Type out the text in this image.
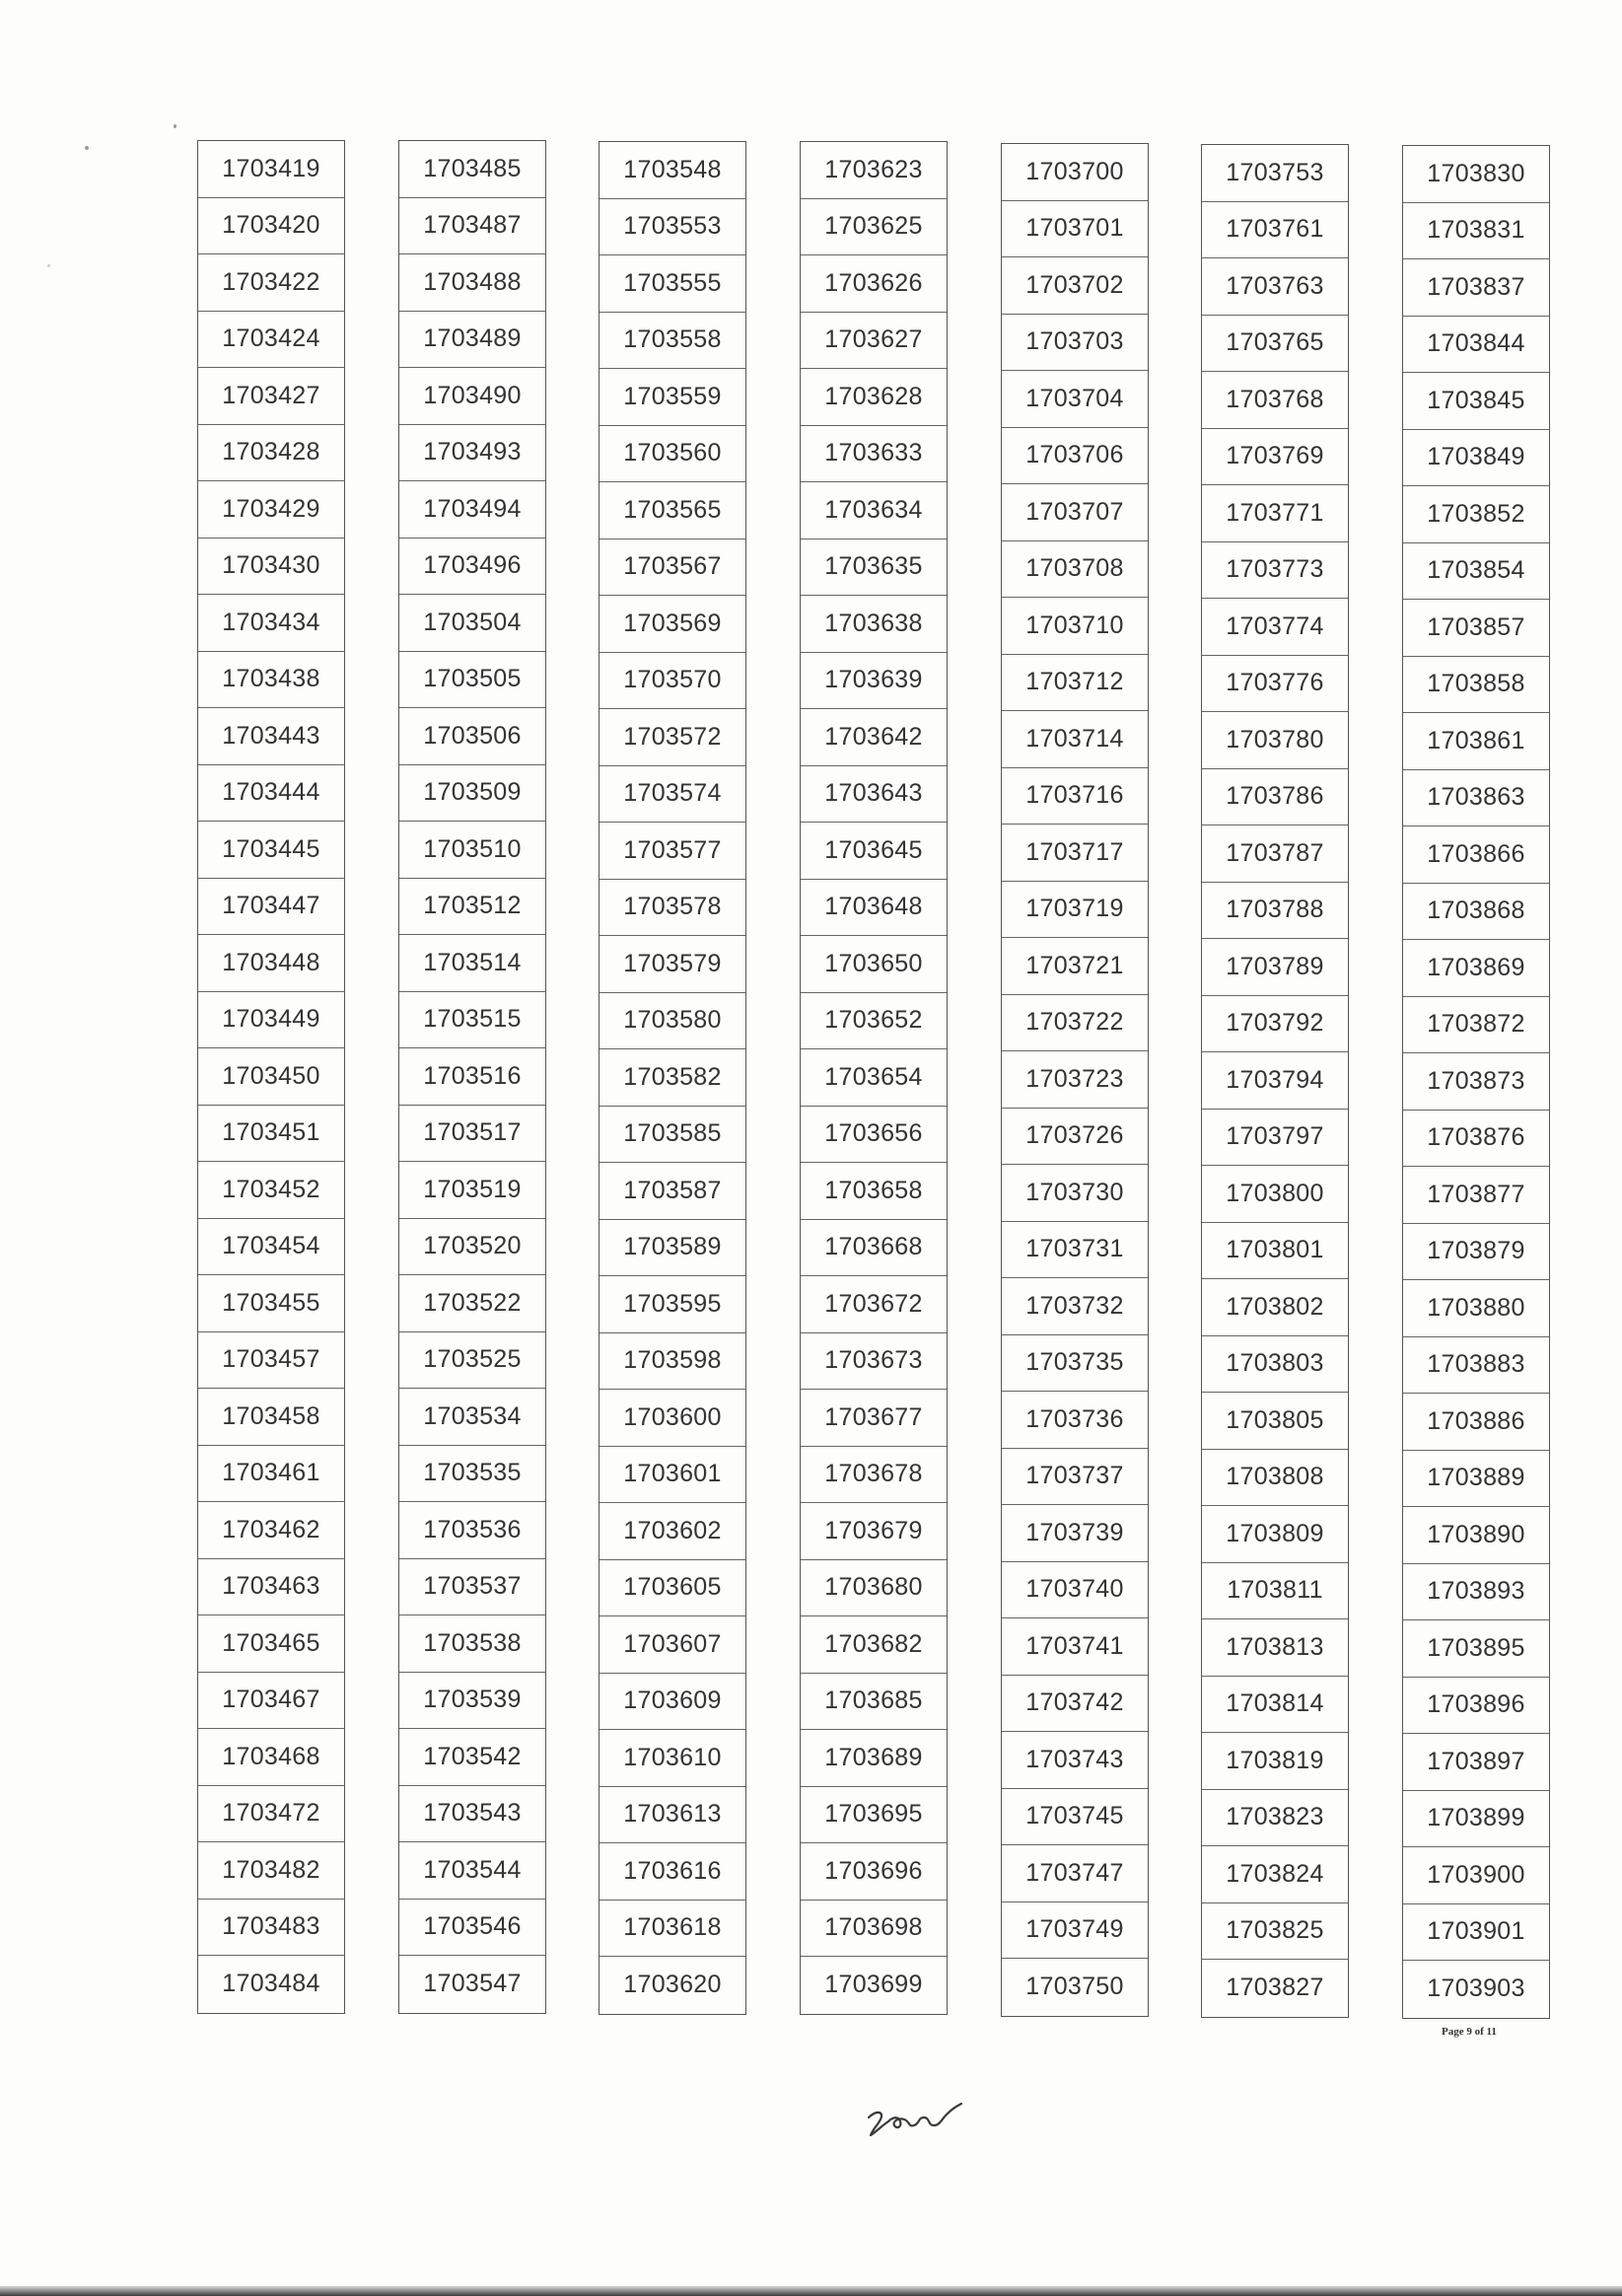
1703419
1703420
1703422
1703424
1703427
1703428
1703429
1703430
1703434
1703438
1703443
1703444
1703445
1703447
1703448
1703449
1703450
1703451
1703452
1703454
1703455
1703457
1703458
1703461
1703462
1703463
1703465
1703467
1703468
1703472
1703482
1703483
1703484
1703485
1703487
1703488
1703489
1703490
1703493
1703494
1703496
1703504
1703505
1703506
1703509
1703510
1703512
1703514
1703515
1703516
1703517
1703519
1703520
1703522
1703525
1703534
1703535
1703536
1703537
1703538
1703539
1703542
1703543
1703544
1703546
1703547
1703548
1703553
1703555
1703558
1703559
1703560
1703565
1703567
1703569
1703570
1703572
1703574
1703577
1703578
1703579
1703580
1703582
1703585
1703587
1703589
1703595
1703598
1703600
1703601
1703602
1703605
1703607
1703609
1703610
1703613
1703616
1703618
1703620
1703623
1703625
1703626
1703627
1703628
1703633
1703634
1703635
1703638
1703639
1703642
1703643
1703645
1703648
1703650
1703652
1703654
1703656
1703658
1703668
1703672
1703673
1703677
1703678
1703679
1703680
1703682
1703685
1703689
1703695
1703696
1703698
1703699
1703700
1703701
1703702
1703703
1703704
1703706
1703707
1703708
1703710
1703712
1703714
1703716
1703717
1703719
1703721
1703722
1703723
1703726
1703730
1703731
1703732
1703735
1703736
1703737
1703739
1703740
1703741
1703742
1703743
1703745
1703747
1703749
1703750
1703753
1703761
1703763
1703765
1703768
1703769
1703771
1703773
1703774
1703776
1703780
1703786
1703787
1703788
1703789
1703792
1703794
1703797
1703800
1703801
1703802
1703803
1703805
1703808
1703809
1703811
1703813
1703814
1703819
1703823
1703824
1703825
1703827
1703830
1703831
1703837
1703844
1703845
1703849
1703852
1703854
1703857
1703858
1703861
1703863
1703866
1703868
1703869
1703872
1703873
1703876
1703877
1703879
1703880
1703883
1703886
1703889
1703890
1703893
1703895
1703896
1703897
1703899
1703900
1703901
1703903
Page 9 of 11
